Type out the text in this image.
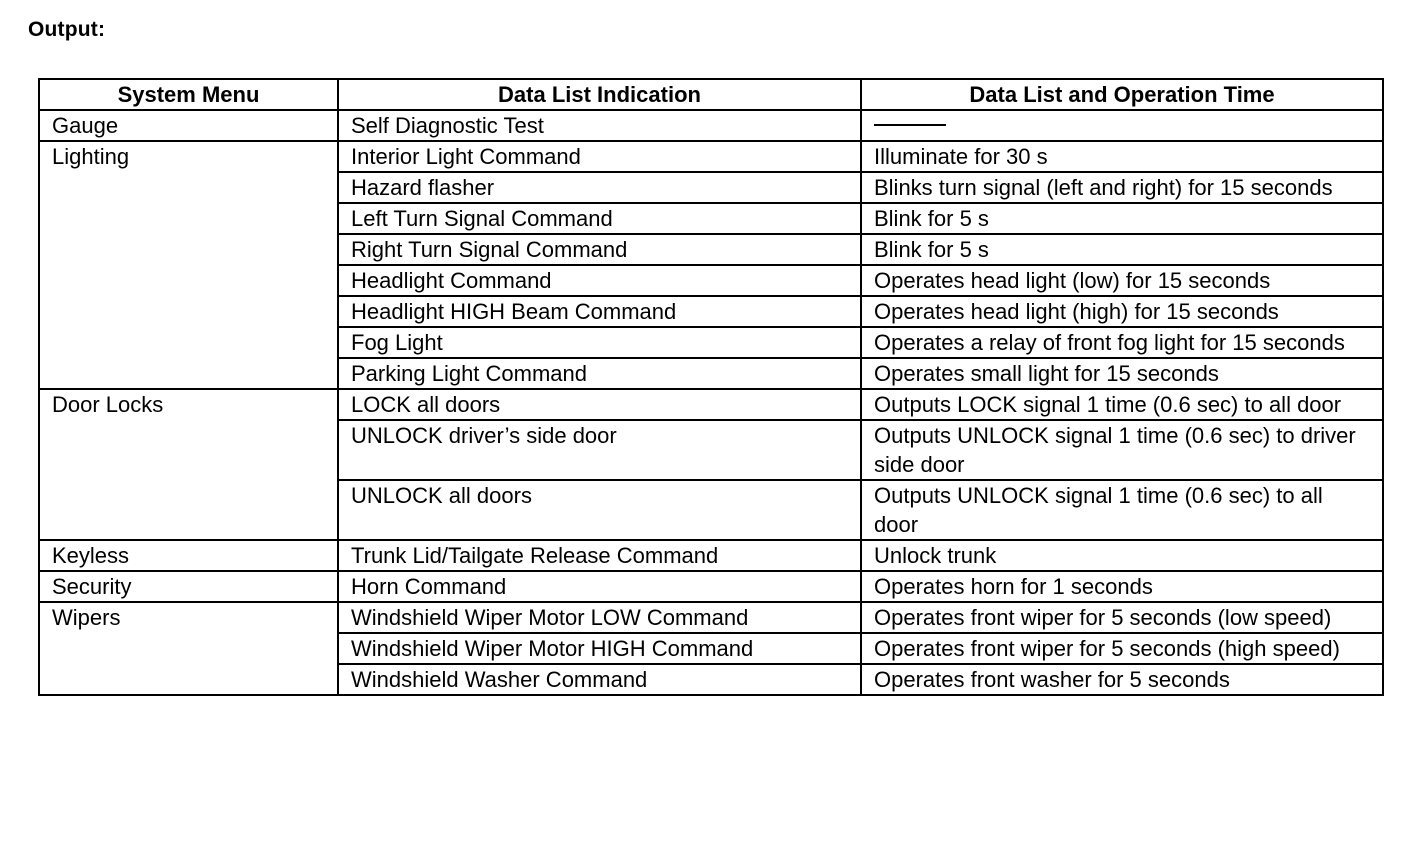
Output:
System Menu	Data List Indication	Data List and Operation Time
Gauge	Self Diagnostic Test	
Lighting	Interior Light Command	Illuminate for 30 s
	Hazard flasher	Blinks turn signal (left and right) for 15 seconds
	Left Turn Signal Command	Blink for 5 s
	Right Turn Signal Command	Blink for 5 s
	Headlight Command	Operates head light (low) for 15 seconds
	Headlight HIGH Beam Command	Operates head light (high) for 15 seconds
	Fog Light	Operates a relay of front fog light for 15 seconds
	Parking Light Command	Operates small light for 15 seconds
Door Locks	LOCK all doors	Outputs LOCK signal 1 time (0.6 sec) to all door
	UNLOCK driver’s side door	Outputs UNLOCK signal 1 time (0.6 sec) to driver side door
	UNLOCK all doors	Outputs UNLOCK signal 1 time (0.6 sec) to all door
Keyless	Trunk Lid/Tailgate Release Command	Unlock trunk
Security	Horn Command	Operates horn for 1 seconds
Wipers	Windshield Wiper Motor LOW Command	Operates front wiper for 5 seconds (low speed)
	Windshield Wiper Motor HIGH Command	Operates front wiper for 5 seconds (high speed)
	Windshield Washer Command	Operates front washer for 5 seconds
